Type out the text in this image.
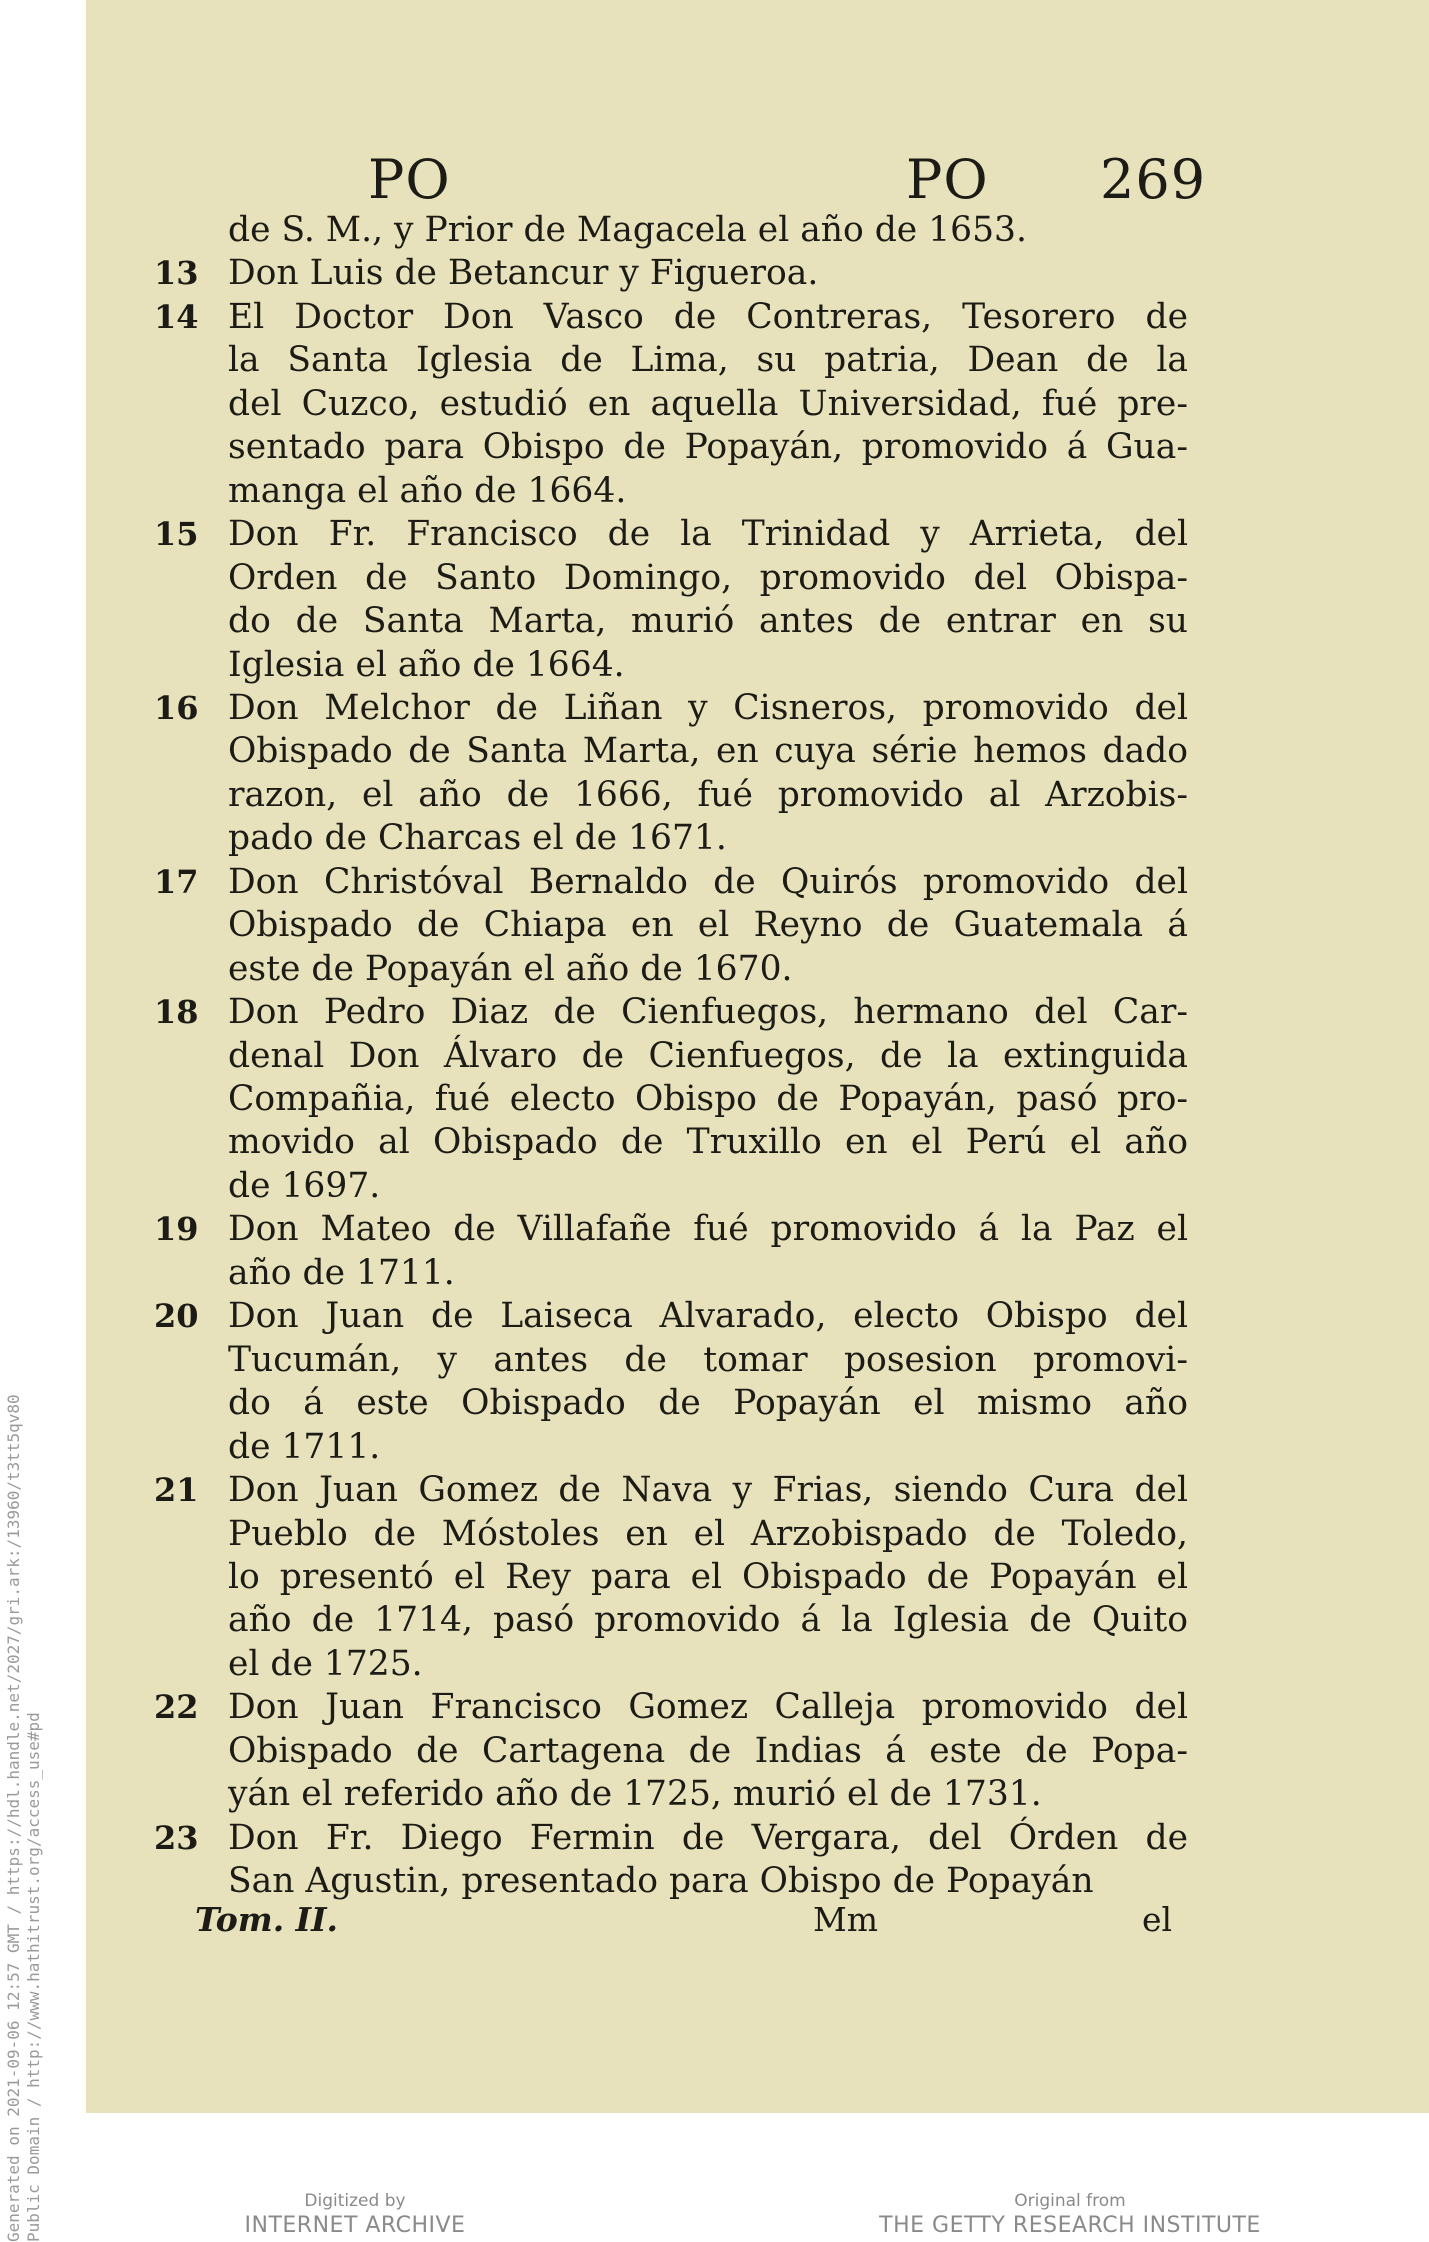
PO	PO 269
de S. M., y Prior de Magacela el año de 1653.
13 Don Luis de Betancur y Figueroa.
14 El Doctor Don Vasco de Contreras, Tesorero de
la Santa Iglesia de Lima, su patria, Dean de la
del Cuzco, estudió en aquella Universidad, fué pre-
sentado para Obispo de Popayán, promovido á Gua-
manga el año de 1664.
15 Don Fr. Francisco de la Trinidad y Arrieta, del
Orden de Santo Domingo, promovido del Obispa-
do de Santa Marta, murió antes de entrar en su
Iglesia el año de 1664.
16 Don Melchor de Liñan y Cisneros, promovido del
Obispado de Santa Marta, en cuya série hemos dado
razon, el año de 1666, fué promovido al Arzobis-
pado de Charcas el de 1671.
17 Don Christóval Bernaldo de Quirós promovido del
Obispado de Chiapa en el Reyno de Guatemala á
este de Popayán el año de 1670.
18 Don Pedro Diaz de Cienfuegos, hermano del Car-
denal Don Álvaro de Cienfuegos, de la extinguida
Compañia, fué electo Obispo de Popayán, pasó pro-
movido al Obispado de Truxillo en el Perú el año
de 1697.
19 Don Mateo de Villafañe fué promovido á la Paz el
año de 1711.
20 Don Juan de Laiseca Alvarado, electo Obispo del
Tucumán, y antes de tomar posesion promovi-
do á este Obispado de Popayán el mismo año
de 1711.
21 Don Juan Gomez de Nava y Frias, siendo Cura del
Pueblo de Móstoles en el Arzobispado de Toledo,
lo presentó el Rey para el Obispado de Popayán el
año de 1714, pasó promovido á la Iglesia de Quito
el de 1725.
22 Don Juan Francisco Gomez Calleja promovido del
Obispado de Cartagena de Indias á este de Popa-
yán el referido año de 1725, murió el de 1731.
23 Don Fr. Diego Fermin de Vergara, del Órden de
San Agustin, presentado para Obispo de Popayán
Tom. II.	Mm	el
Generated on 2021-09-06 12:57 GMT / https://hdl.handle.net/2027/gri.ark:/13960/t3tt5qv80 Public Domain / http://www.hathitrust.org/access_use#pd	Digitized by
INTERNET ARCHIVE
Original from
THE GETTY RESEARCH INSTITUTE
